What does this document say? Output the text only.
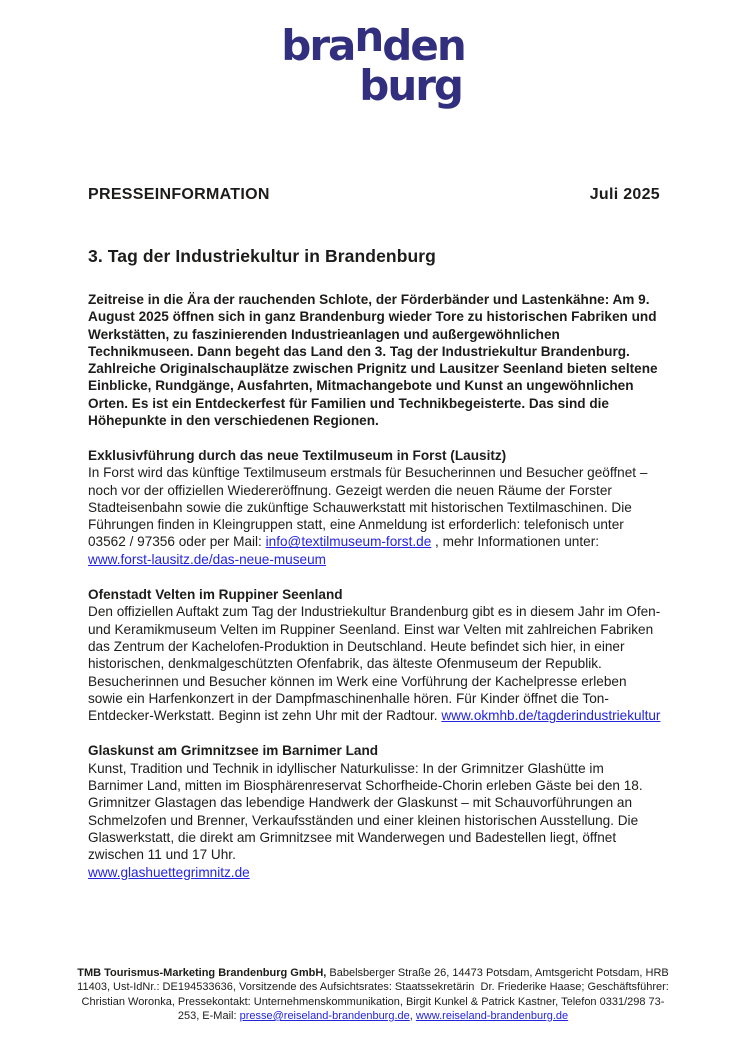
branden
burg
PRESSEINFORMATION	Juli 2025
3. Tag der Industriekultur in Brandenburg
Zeitreise in die Ära der rauchenden Schlote, der Förderbänder und Lastenkähne: Am 9. August 2025 öffnen sich in ganz Brandenburg wieder Tore zu historischen Fabriken und Werkstätten, zu faszinierenden Industrieanlagen und außergewöhnlichen Technikmuseen. Dann begeht das Land den 3. Tag der Industriekultur Brandenburg. Zahlreiche Originalschauplätze zwischen Prignitz und Lausitzer Seenland bieten seltene Einblicke, Rundgänge, Ausfahrten, Mitmachangebote und Kunst an ungewöhnlichen Orten. Es ist ein Entdeckerfest für Familien und Technikbegeisterte. Das sind die Höhepunkte in den verschiedenen Regionen.
Exklusivführung durch das neue Textilmuseum in Forst (Lausitz)
In Forst wird das künftige Textilmuseum erstmals für Besucherinnen und Besucher geöffnet – noch vor der offiziellen Wiedereröffnung. Gezeigt werden die neuen Räume der Forster Stadteisenbahn sowie die zukünftige Schauwerkstatt mit historischen Textilmaschinen. Die Führungen finden in Kleingruppen statt, eine Anmeldung ist erforderlich: telefonisch unter 03562 / 97356 oder per Mail: info@textilmuseum-forst.de , mehr Informationen unter: www.forst-lausitz.de/das-neue-museum
Ofenstadt Velten im Ruppiner Seenland
Den offiziellen Auftakt zum Tag der Industriekultur Brandenburg gibt es in diesem Jahr im Ofen- und Keramikmuseum Velten im Ruppiner Seenland. Einst war Velten mit zahlreichen Fabriken das Zentrum der Kachelofen-Produktion in Deutschland. Heute befindet sich hier, in einer historischen, denkmalgeschützten Ofenfabrik, das älteste Ofenmuseum der Republik. Besucherinnen und Besucher können im Werk eine Vorführung der Kachelpresse erleben sowie ein Harfenkonzert in der Dampfmaschinenhalle hören. Für Kinder öffnet die Ton-Entdecker-Werkstatt. Beginn ist zehn Uhr mit der Radtour. www.okmhb.de/tagderindustriekultur
Glaskunst am Grimnitzsee im Barnimer Land
Kunst, Tradition und Technik in idyllischer Naturkulisse: In der Grimnitzer Glashütte im Barnimer Land, mitten im Biosphärenreservat Schorfheide-Chorin erleben Gäste bei den 18. Grimnitzer Glastagen das lebendige Handwerk der Glaskunst – mit Schauvorführungen an Schmelzofen und Brenner, Verkaufsständen und einer kleinen historischen Ausstellung. Die Glaswerkstatt, die direkt am Grimnitzsee mit Wanderwegen und Badestellen liegt, öffnet zwischen 11 und 17 Uhr.
www.glashuettegrimnitz.de
TMB Tourismus-Marketing Brandenburg GmbH, Babelsberger Straße 26, 14473 Potsdam, Amtsgericht Potsdam, HRB 11403, Ust-IdNr.: DE194533636, Vorsitzende des Aufsichtsrates: Staatssekretärin  Dr. Friederike Haase; Geschäftsführer: Christian Woronka, Pressekontakt: Unternehmenskommunikation, Birgit Kunkel & Patrick Kastner, Telefon 0331/298 73-253, E-Mail: presse@reiseland-brandenburg.de, www.reiseland-brandenburg.de
